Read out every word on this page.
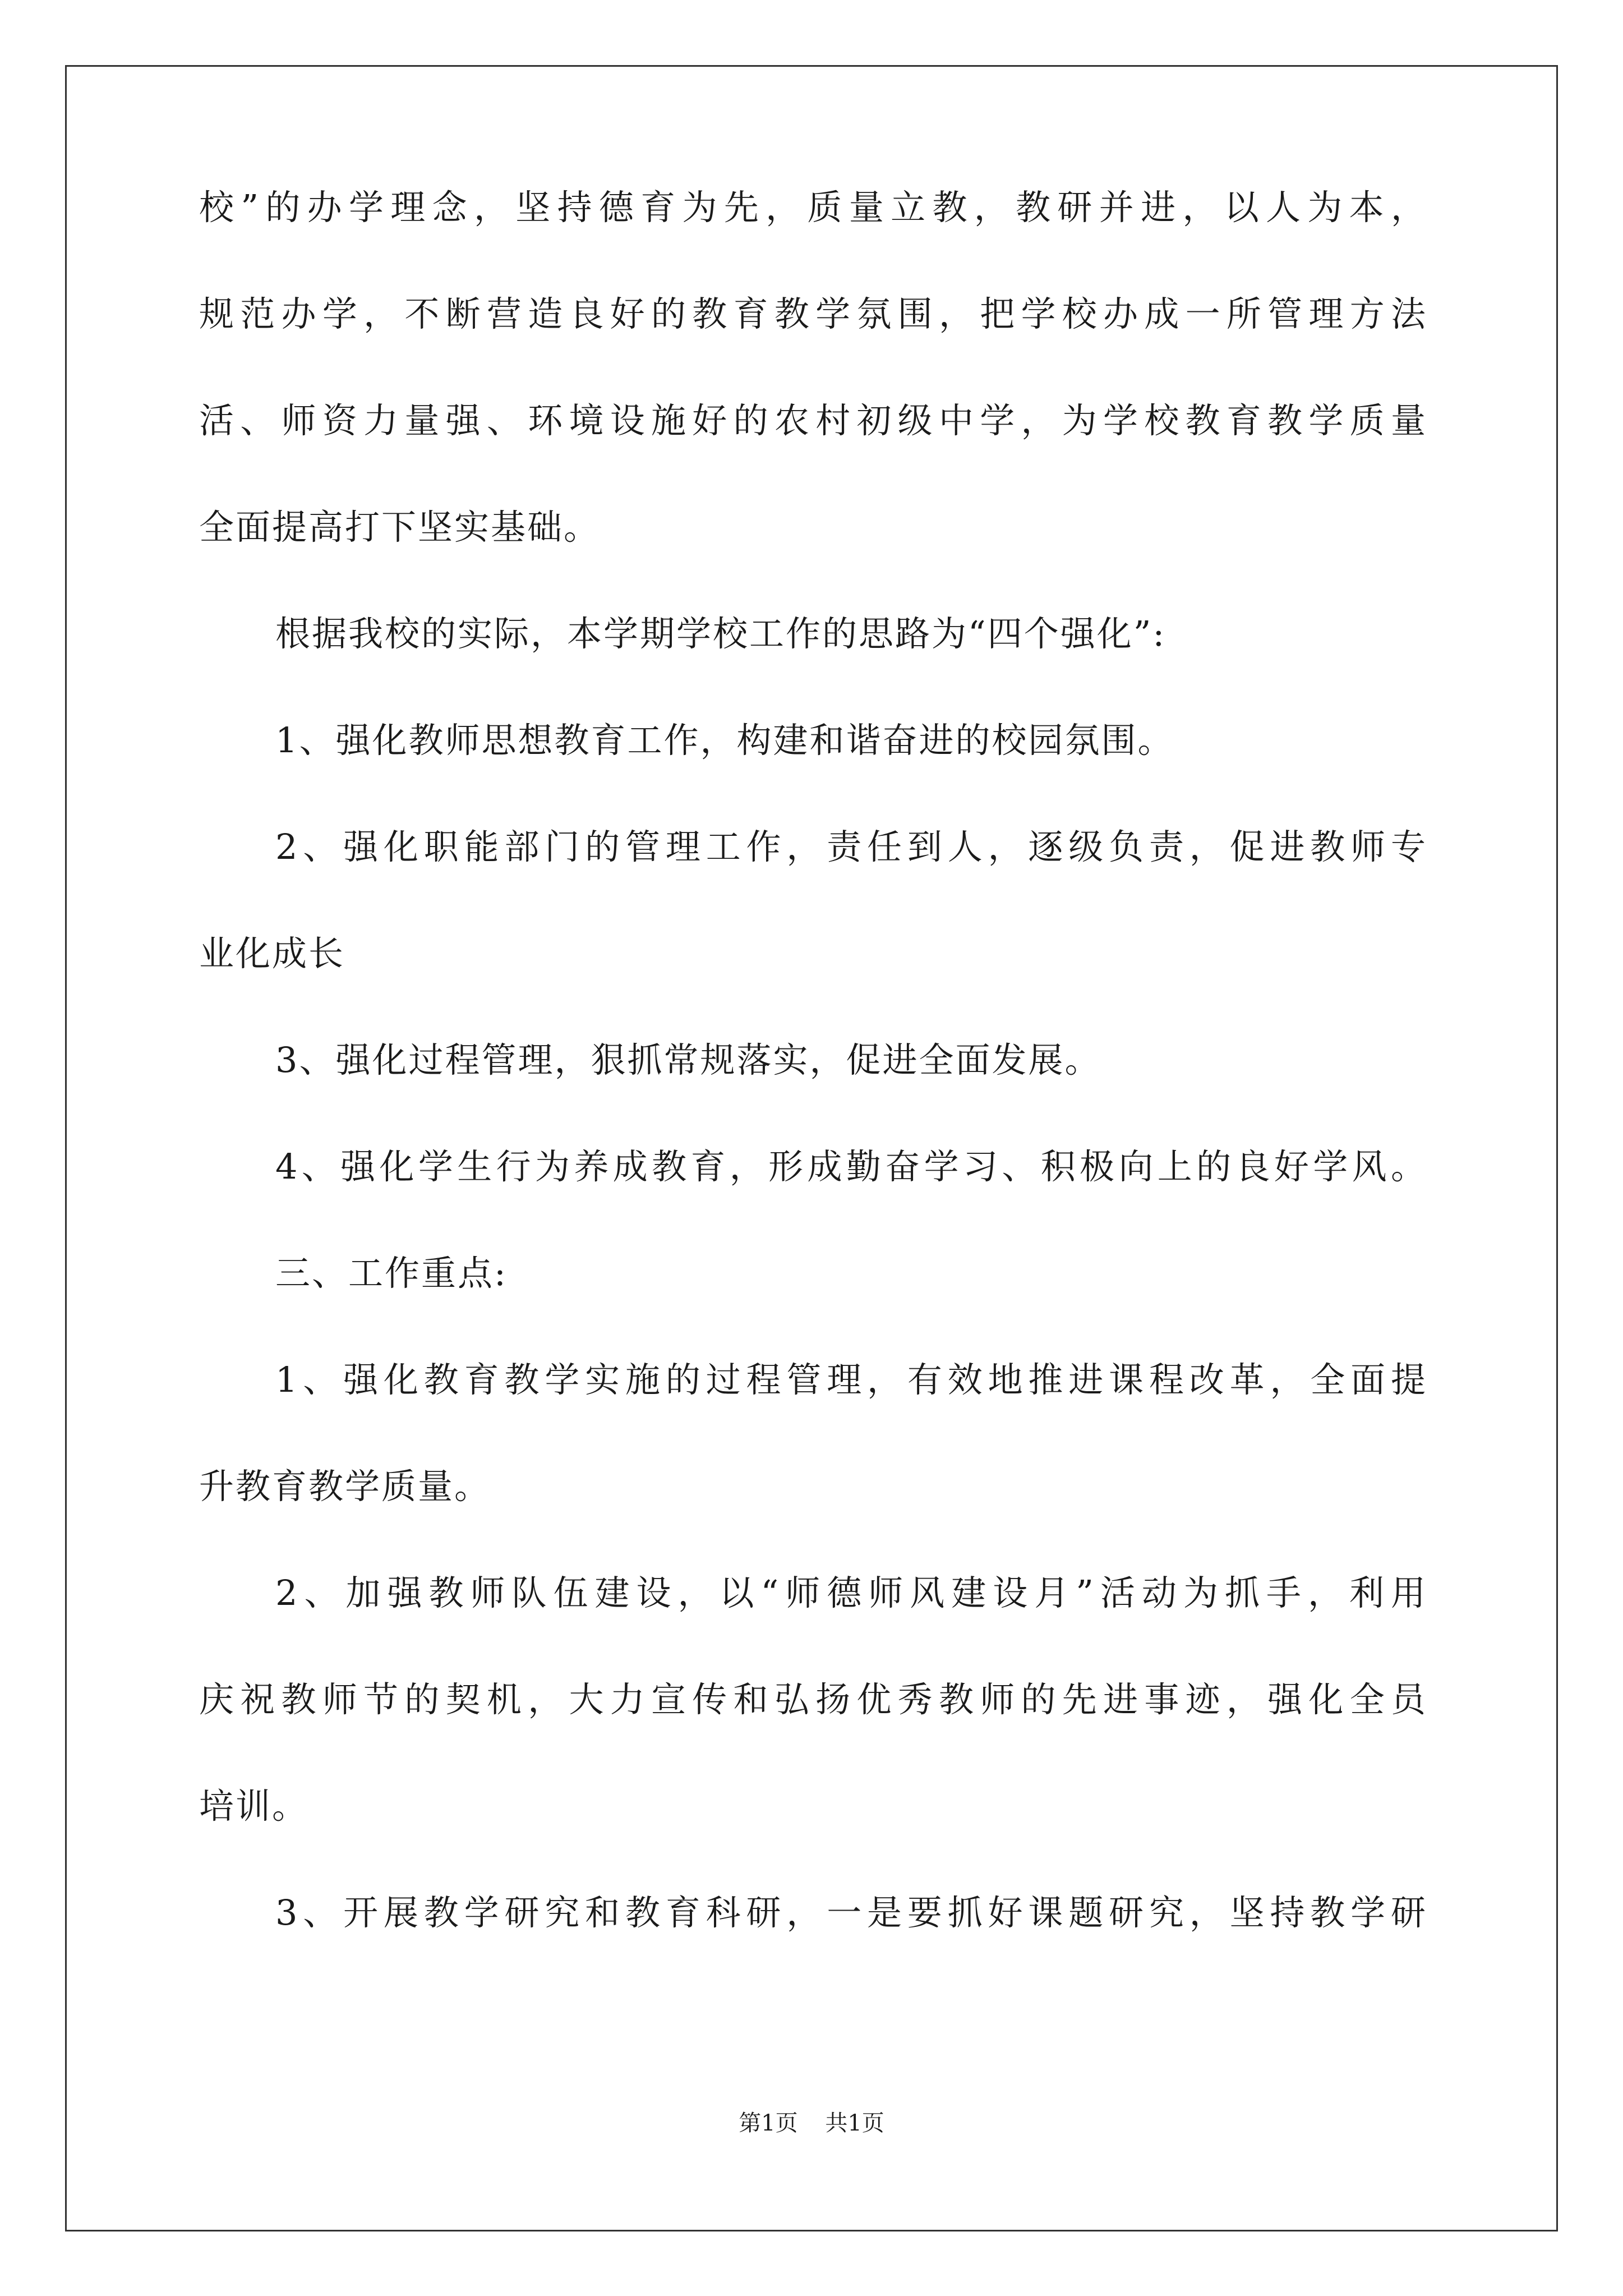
校”的办学理念，坚持德育为先，质量立教，教研并进，以人为本，
规范办学，不断营造良好的教育教学氛围，把学校办成一所管理方法
活、师资力量强、环境设施好的农村初级中学，为学校教育教学质量
全面提高打下坚实基础。
根据我校的实际，本学期学校工作的思路为“四个强化”:
1、强化教师思想教育工作，构建和谐奋进的校园氛围。
2、强化职能部门的管理工作，责任到人，逐级负责，促进教师专
业化成长
3、强化过程管理，狠抓常规落实，促进全面发展。
4、强化学生行为养成教育，形成勤奋学习、积极向上的良好学风。
三、工作重点:
1、强化教育教学实施的过程管理，有效地推进课程改革，全面提
升教育教学质量。
2、加强教师队伍建设，以“师德师风建设月”活动为抓手，利用
庆祝教师节的契机，大力宣传和弘扬优秀教师的先进事迹，强化全员
培训。
3、开展教学研究和教育科研，一是要抓好课题研究，坚持教学研
第1页 共1页
